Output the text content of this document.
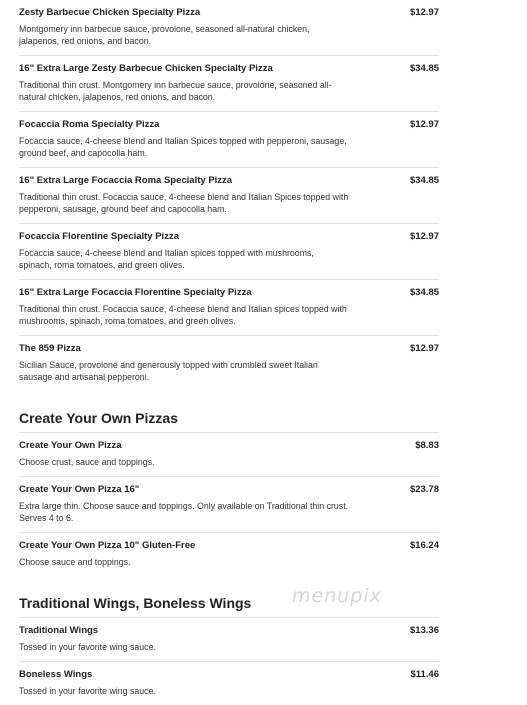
Zesty Barbecue Chicken Specialty Pizza	$12.97
Montgomery inn barbecue sauce, provolone, seasoned all-natural chicken, jalapenos, red onions, and bacon.
16" Extra Large Zesty Barbecue Chicken Specialty Pizza	$34.85
Traditional thin crust. Montgomery inn barbecue sauce, provolone, seasoned all-natural chicken, jalapenos, red onions, and bacon.
Focaccia Roma Specialty Pizza	$12.97
Focaccia sauce, 4-cheese blend and Italian Spices topped with pepperoni, sausage, ground beef, and capocolla ham.
16" Extra Large Focaccia Roma Specialty Pizza	$34.85
Traditional thin crust. Focaccia sauce, 4-cheese blend and Italian Spices topped with pepperoni, sausage, ground beef and capocolla ham.
Focaccia Florentine Specialty Pizza	$12.97
Focaccia sauce, 4-cheese blend and Italian spices topped with mushrooms, spinach, roma tomatoes, and green olives.
16" Extra Large Focaccia Florentine Specialty Pizza	$34.85
Traditional thin crust. Focaccia sauce, 4-cheese blend and Italian spices topped with mushrooms, spinach, roma tomatoes, and green olives.
The 859 Pizza	$12.97
Sicilian Sauce, provolone and generously topped with crumbled sweet Italian sausage and artisanal pepperoni.
Create Your Own Pizzas
Create Your Own Pizza	$8.83
Choose crust, sauce and toppings.
Create Your Own Pizza 16"	$23.78
Extra large thin. Choose sauce and toppings. Only available on Traditional thin crust. Serves 4 to 6.
Create Your Own Pizza 10" Gluten-Free	$16.24
Choose sauce and toppings.
Traditional Wings, Boneless Wings
Traditional Wings	$13.36
Tossed in your favorite wing sauce.
Boneless Wings	$11.46
Tossed in your favorite wing sauce.
menupix
